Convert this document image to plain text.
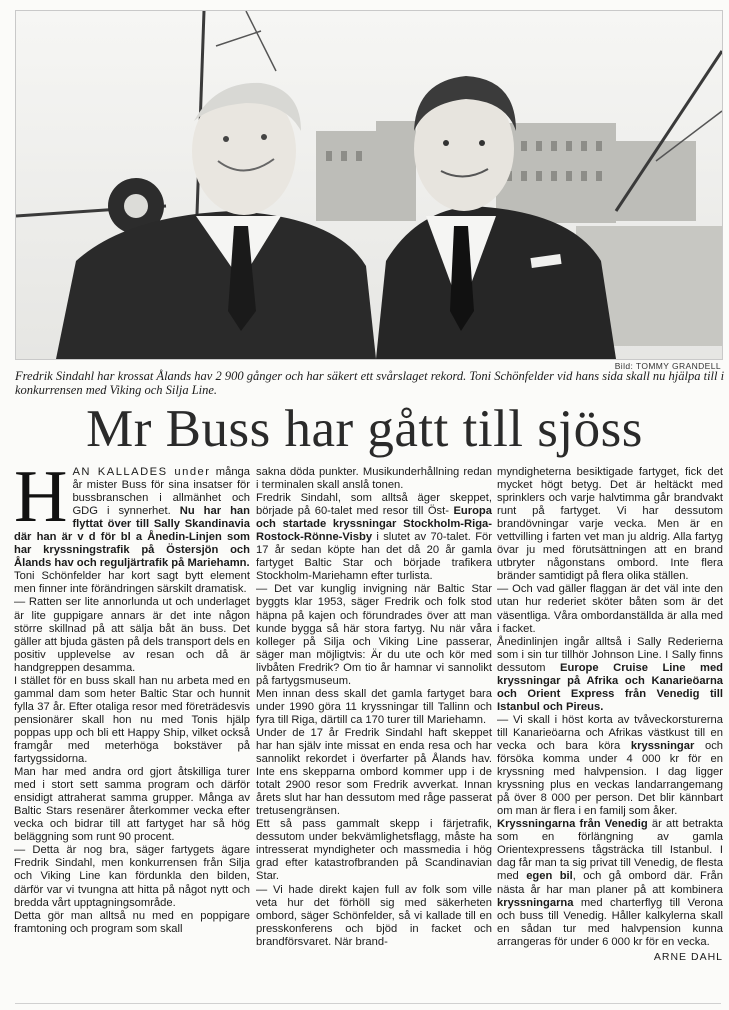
Bild: TOMMY GRANDELL
Fredrik Sindahl har krossat Ålands hav 2 900 gånger och har säkert ett svårslaget rekord. Toni Schönfelder vid hans sida skall nu hjälpa till i konkurrensen med Viking och Silja Line.
Mr Buss har gått till sjöss

HAN KALLADES under många år mister Buss för sina insatser för bussbranschen i allmänhet och GDG i synnerhet. Nu har han flyttat över till Sally Skandinavia där han är v d för bl a Ånedin-Linjen som har kryssningstrafik på Östersjön och Ålands hav och reguljärtrafik på Mariehamn.

Toni Schönfelder har kort sagt bytt element men finner inte förändringen särskilt dramatisk.

— Ratten ser lite annorlunda ut och underlaget är lite guppigare annars är det inte någon större skillnad på att sälja båt än buss. Det gäller att bjuda gästen på dels transport dels en positiv upplevelse av resan och då är handgreppen desamma.

I stället för en buss skall han nu arbeta med en gammal dam som heter Baltic Star och hunnit fylla 37 år. Efter otaliga resor med företrädesvis pensionärer skall hon nu med Tonis hjälp poppas upp och bli ett Happy Ship, vilket också framgår med meterhöga bokstäver på fartygssidorna.

Man har med andra ord gjort åtskilliga turer med i stort sett samma program och därför ensidigt attraherat samma grupper. Många av Baltic Stars resenärer återkommer vecka efter vecka och bidrar till att fartyget har så hög beläggning som runt 90 procent.

— Detta är nog bra, säger fartygets ägare Fredrik Sindahl, men konkurrensen från Silja och Viking Line kan fördunkla den bilden, därför var vi tvungna att hitta på något nytt och bredda vårt upptagningsområde.

Detta gör man alltså nu med en poppigare framtoning och program som skall

sakna döda punkter. Musikunderhållning redan i terminalen skall anslå tonen.

Fredrik Sindahl, som alltså äger skeppet, började på 60-talet med resor till Öst- Europa och startade kryssningar Stockholm-Riga-Rostock-Rönne-Visby i slutet av 70-talet. För 17 år sedan köpte han det då 20 år gamla fartyget Baltic Star och började trafikera Stockholm-Mariehamn efter turlista.

— Det var kunglig invigning när Baltic Star byggts klar 1953, säger Fredrik och folk stod häpna på kajen och förundrades över att man kunde bygga så här stora fartyg. Nu när våra kolleger på Silja och Viking Line passerar, säger man möjligtvis: Är du ute och kör med livbåten Fredrik? Om tio år hamnar vi sannolikt på fartygsmuseum.

Men innan dess skall det gamla fartyget bara under 1990 göra 11 kryssningar till Tallinn och fyra till Riga, därtill ca 170 turer till Mariehamn.

Under de 17 år Fredrik Sindahl haft skeppet har han själv inte missat en enda resa och har sannolikt rekordet i överfarter på Ålands hav. Inte ens skepparna ombord kommer upp i de totalt 2900 resor som Fredrik avverkat. Innan årets slut har han dessutom med råge passerat tretusengränsen.

Ett så pass gammalt skepp i färjetrafik, dessutom under bekvämlighetsflagg, måste ha intresserat myndigheter och massmedia i hög grad efter katastrofbranden på Scandinavian Star.

— Vi hade direkt kajen full av folk som ville veta hur det förhöll sig med säkerheten ombord, säger Schönfelder, så vi kallade till en presskonferens och bjöd in facket och brandförsvaret. När brand-

myndigheterna besiktigade fartyget, fick det mycket högt betyg. Det är heltäckt med sprinklers och varje halvtimma går brandvakt runt på fartyget. Vi har dessutom brandövningar varje vecka. Men är en vettvilling i farten vet man ju aldrig. Alla fartyg övar ju med förutsättningen att en brand utbryter någonstans ombord. Inte flera bränder samtidigt på flera olika ställen.

— Och vad gäller flaggan är det väl inte den utan hur rederiet sköter båten som är det väsentliga. Våra ombordanställda är alla med i facket.

Ånedinlinjen ingår alltså i Sally Rederierna som i sin tur tillhör Johnson Line. I Sally finns dessutom Europe Cruise Line med kryssningar på Afrika och Kanarieöarna och Orient Express från Venedig till Istanbul och Pireus.

— Vi skall i höst korta av tvåveckorsturerna till Kanarieöarna och Afrikas västkust till en vecka och bara köra kryssningar och försöka komma under 4 000 kr för en kryssning med halvpension. I dag ligger kryssning plus en veckas landarrangemang på över 8 000 per person. Det blir kännbart om man är flera i en familj som åker.

Kryssningarna från Venedig är att betrakta som en förlängning av gamla Orientexpressens tågsträcka till Istanbul. I dag får man ta sig privat till Venedig, de flesta med egen bil, och gå ombord där. Från nästa år har man planer på att kombinera kryssningarna med charterflyg till Verona och buss till Venedig. Håller kalkylerna skall en sådan tur med halvpension kunna arrangeras för under 6 000 kr för en vecka.

ARNE DAHL
